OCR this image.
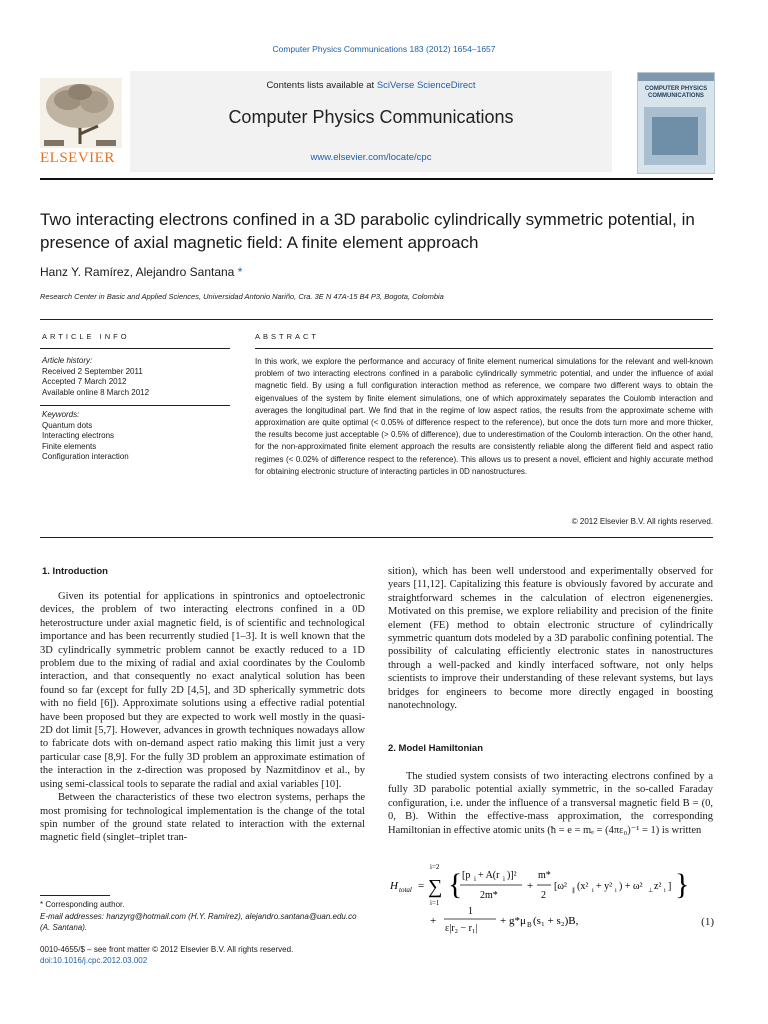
Computer Physics Communications 183 (2012) 1654–1657
ELSEVIER
Contents lists available at SciVerse ScienceDirect
Computer Physics Communications
www.elsevier.com/locate/cpc
COMPUTER PHYSICS COMMUNICATIONS
Two interacting electrons confined in a 3D parabolic cylindrically symmetric potential, in presence of axial magnetic field: A finite element approach
Hanz Y. Ramírez, Alejandro Santana *
Research Center in Basic and Applied Sciences, Universidad Antonio Nariño, Cra. 3E N 47A-15 B4 P3, Bogota, Colombia
ARTICLE INFO	ABSTRACT
Article history:
Received 2 September 2011
Accepted 7 March 2012
Available online 8 March 2012
Keywords:
Quantum dots
Interacting electrons
Finite elements
Configuration interaction
In this work, we explore the performance and accuracy of finite element numerical simulations for the relevant and well-known problem of two interacting electrons confined in a parabolic cylindrically symmetric potential, and under the influence of axial magnetic field. By using a full configuration interaction method as reference, we compare two different ways to obtain the eigenvalues of the system by finite element simulations, one of which approximately separates the Coulomb interaction and averages the longitudinal part. We find that in the regime of low aspect ratios, the results from the approximate scheme with approximation are quite optimal (< 0.05% of difference respect to the reference), but once the dots turn more and more thicker, the results become just acceptable (> 0.5% of difference), due to underestimation of the Coulomb interaction. On the other hand, for the non-approximated finite element approach the results are consistently reliable along the different field and aspect ratio regimes (< 0.02% of difference respect to the reference). This allows us to present a novel, efficient and highly accurate method for obtaining electronic structure of interacting particles in 0D nanostructures.
© 2012 Elsevier B.V. All rights reserved.
1. Introduction

Given its potential for applications in spintronics and optoelectronic devices, the problem of two interacting electrons confined in a 0D heterostructure under axial magnetic field, is of scientific and technological importance and has been recurrently studied [1–3]. It is well known that the 3D cylindrically symmetric problem cannot be exactly reduced to a 1D problem due to the mixing of radial and axial coordinates by the Coulomb interaction, and that consequently no exact analytical solution has been found so far (except for fully 2D [4,5], and 3D spherically symmetric dots with no field [6]). Approximate solutions using a effective radial potential have been proposed but they are expected to work well mostly in the quasi-2D dot limit [5,7]. However, advances in growth techniques nowadays allow to fabricate dots with on-demand aspect ratio making this limit just a very particular case [8,9]. For the fully 3D problem an approximate estimation of the interaction in the z-direction was proposed by Nazmitdinov et al., by using semi-classical tools to separate the radial and axial variables [10].

Between the characteristics of these two electron systems, perhaps the most promising for technological implementation is the change of the total spin number of the ground state related to interaction with the external magnetic field (singlet–triplet tran-

sition), which has been well understood and experimentally observed for years [11,12]. Capitalizing this feature is obviously favored by accurate and straightforward schemes in the calculation of electron eigenenergies. Motivated on this premise, we explore reliability and precision of the finite element (FE) method to obtain electronic structure of cylindrically symmetric quantum dots modeled by a 3D parabolic confining potential. The possibility of calculating efficiently electronic states in nanostructures through a well-packed and kindly interfaced software, not only helps scientists to improve their understanding of these relevant systems, but lays bridges for engineers to become more directly engaged in boosting nanotechnology.

2. Model Hamiltonian

The studied system consists of two interacting electrons confined by a fully 3D parabolic potential axially symmetric, in the so-called Faraday configuration, i.e. under the influence of a transversal magnetic field B = (0, 0, B). Within the effective-mass approximation, the corresponding Hamiltonian in effective atomic units (ħ = e = mₑ = (4πε₀)⁻¹ = 1) is written

H total =
i=2
∑
i=1
{ [p i + A(r i )]²
2m*
+
m*
2
[ω² ∥ (x² i + y² i ) + ω² ⊥ z² i ] }
+
1
ε|r₂ − r₁|
+ g*μ B (s₁ + s₂)B,	(1)
* Corresponding author.
E-mail addresses: hanzyrg@hotmail.com (H.Y. Ramírez), alejandro.santana@uan.edu.co (A. Santana).
0010-4655/$ – see front matter © 2012 Elsevier B.V. All rights reserved.
doi:10.1016/j.cpc.2012.03.002
